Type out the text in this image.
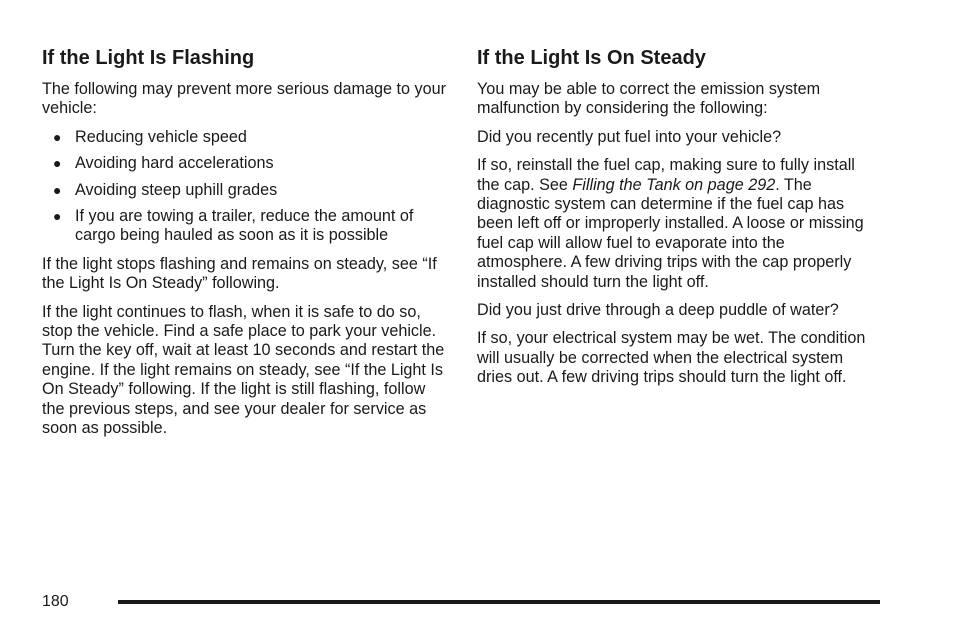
If the Light Is Flashing

The following may prevent more serious damage to your vehicle:

● Reducing vehicle speed
● Avoiding hard accelerations
● Avoiding steep uphill grades
● If you are towing a trailer, reduce the amount of cargo being hauled as soon as it is possible

If the light stops flashing and remains on steady, see “If the Light Is On Steady” following.

If the light continues to flash, when it is safe to do so, stop the vehicle. Find a safe place to park your vehicle. Turn the key off, wait at least 10 seconds and restart the engine. If the light remains on steady, see “If the Light Is On Steady” following. If the light is still flashing, follow the previous steps, and see your dealer for service as soon as possible.

If the Light Is On Steady

You may be able to correct the emission system malfunction by considering the following:

Did you recently put fuel into your vehicle?

If so, reinstall the fuel cap, making sure to fully install the cap. See Filling the Tank on page 292. The diagnostic system can determine if the fuel cap has been left off or improperly installed. A loose or missing fuel cap will allow fuel to evaporate into the atmosphere. A few driving trips with the cap properly installed should turn the light off.

Did you just drive through a deep puddle of water?

If so, your electrical system may be wet. The condition will usually be corrected when the electrical system dries out. A few driving trips should turn the light off.

180
